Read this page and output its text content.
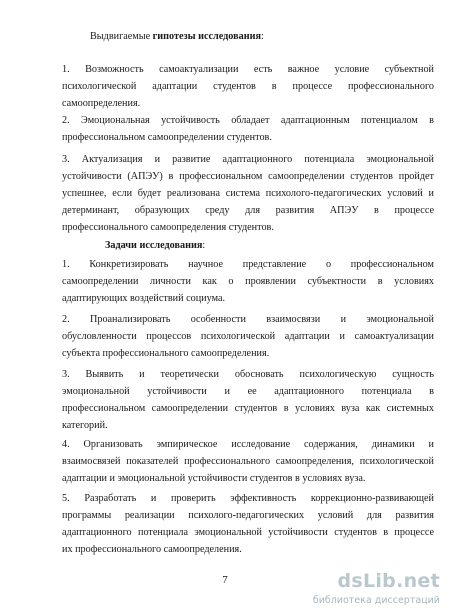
Выдвигаемые гипотезы исследования:
1. Возможность самоактуализации есть важное условие субъектной
психологической адаптации студентов в процессе профессионального
самоопределения.
2. Эмоциональная устойчивость обладает адаптационным потенциалом в
профессиональном самоопределении студентов.
3. Актуализация и развитие адаптационного потенциала эмоциональной
устойчивости (АПЭУ) в профессиональном самоопределении студентов пройдет
успешнее, если будет реализована система психолого-педагогических условий и
детерминант, образующих среду для развития АПЭУ в процессе
профессионального самоопределения студентов.
Задачи исследования:
1. Конкретизировать научное представление о профессиональном
самоопределении личности как о проявлении субъектности в условиях
адаптирующих воздействий социума.
2. Проанализировать особенности взаимосвязи и эмоциональной
обусловленности процессов психологической адаптации и самоактуализации
субъекта профессионального самоопределения.
3. Выявить и теоретически обосновать психологическую сущность
эмоциональной устойчивости и ее адаптационного потенциала в
профессиональном самоопределении студентов в условиях вуза как системных
категорий.
4. Организовать эмпирическое исследование содержания, динамики и
взаимосвязей показателей профессионального самоопределения, психологической
адаптации и эмоциональной устойчивости студентов в условиях вуза.
5. Разработать и проверить эффективность коррекционно-развивающей
программы реализации психолого-педагогических условий для развития
адаптационного потенциала эмоциональной устойчивости студентов в процессе
их профессионального самоопределения.
7	dsLib.net
библиотека диссертаций
